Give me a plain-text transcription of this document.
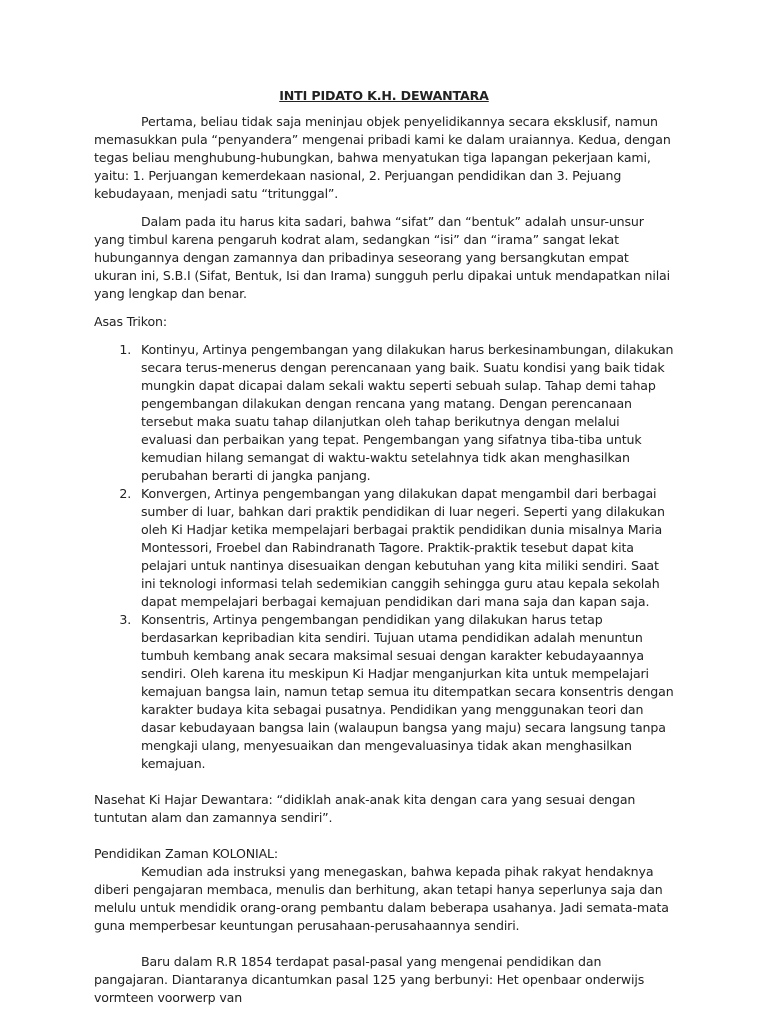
INTI PIDATO K.H. DEWANTARA

Pertama, beliau tidak saja meninjau objek penyelidikannya secara eksklusif, namun memasukkan pula “penyandera” mengenai pribadi kami ke dalam uraiannya. Kedua, dengan tegas beliau menghubung-hubungkan, bahwa menyatukan tiga lapangan pekerjaan kami, yaitu: 1. Perjuangan kemerdekaan nasional, 2. Perjuangan pendidikan dan 3. Pejuang kebudayaan, menjadi satu “tritunggal”.

Dalam pada itu harus kita sadari, bahwa “sifat” dan “bentuk” adalah unsur-unsur yang timbul karena pengaruh kodrat alam, sedangkan “isi” dan “irama” sangat lekat hubungannya dengan zamannya dan pribadinya seseorang yang bersangkutan empat ukuran ini, S.B.I (Sifat, Bentuk, Isi dan Irama) sungguh perlu dipakai untuk mendapatkan nilai yang lengkap dan benar.

Asas Trikon:

1. Kontinyu, Artinya pengembangan yang dilakukan harus berkesinambungan, dilakukan secara terus-menerus dengan perencanaan yang baik. Suatu kondisi yang baik tidak mungkin dapat dicapai dalam sekali waktu seperti sebuah sulap. Tahap demi tahap pengembangan dilakukan dengan rencana yang matang. Dengan perencanaan tersebut maka suatu tahap dilanjutkan oleh tahap berikutnya dengan melalui evaluasi dan perbaikan yang tepat. Pengembangan yang sifatnya tiba-tiba untuk kemudian hilang semangat di waktu-waktu setelahnya tidk akan menghasilkan perubahan berarti di jangka panjang.
2. Konvergen, Artinya pengembangan yang dilakukan dapat mengambil dari berbagai sumber di luar, bahkan dari praktik pendidikan di luar negeri. Seperti yang dilakukan oleh Ki Hadjar ketika mempelajari berbagai praktik pendidikan dunia misalnya Maria Montessori, Froebel dan Rabindranath Tagore. Praktik-praktik tesebut dapat kita pelajari untuk nantinya disesuaikan dengan kebutuhan yang kita miliki sendiri. Saat ini teknologi informasi telah sedemikian canggih sehingga guru atau kepala sekolah dapat mempelajari berbagai kemajuan pendidikan dari mana saja dan kapan saja.
3. Konsentris, Artinya pengembangan pendidikan yang dilakukan harus tetap berdasarkan kepribadian kita sendiri. Tujuan utama pendidikan adalah menuntun tumbuh kembang anak secara maksimal sesuai dengan karakter kebudayaannya sendiri. Oleh karena itu meskipun Ki Hadjar menganjurkan kita untuk mempelajari kemajuan bangsa lain, namun tetap semua itu ditempatkan secara konsentris dengan karakter budaya kita sebagai pusatnya. Pendidikan yang menggunakan teori dan dasar kebudayaan bangsa lain (walaupun bangsa yang maju) secara langsung tanpa mengkaji ulang, menyesuaikan dan mengevaluasinya tidak akan menghasilkan kemajuan.

Nasehat Ki Hajar Dewantara: “didiklah anak-anak kita dengan cara yang sesuai dengan tuntutan alam dan zamannya sendiri”.

Pendidikan Zaman KOLONIAL:

Kemudian ada instruksi yang menegaskan, bahwa kepada pihak rakyat hendaknya diberi pengajaran membaca, menulis dan berhitung, akan tetapi hanya seperlunya saja dan melulu untuk mendidik orang-orang pembantu dalam beberapa usahanya. Jadi semata-mata guna memperbesar keuntungan perusahaan-perusahaannya sendiri.

Baru dalam R.R 1854 terdapat pasal-pasal yang mengenai pendidikan dan pangajaran. Diantaranya dicantumkan pasal 125 yang berbunyi: Het openbaar onderwijs vormteen voorwerp van
